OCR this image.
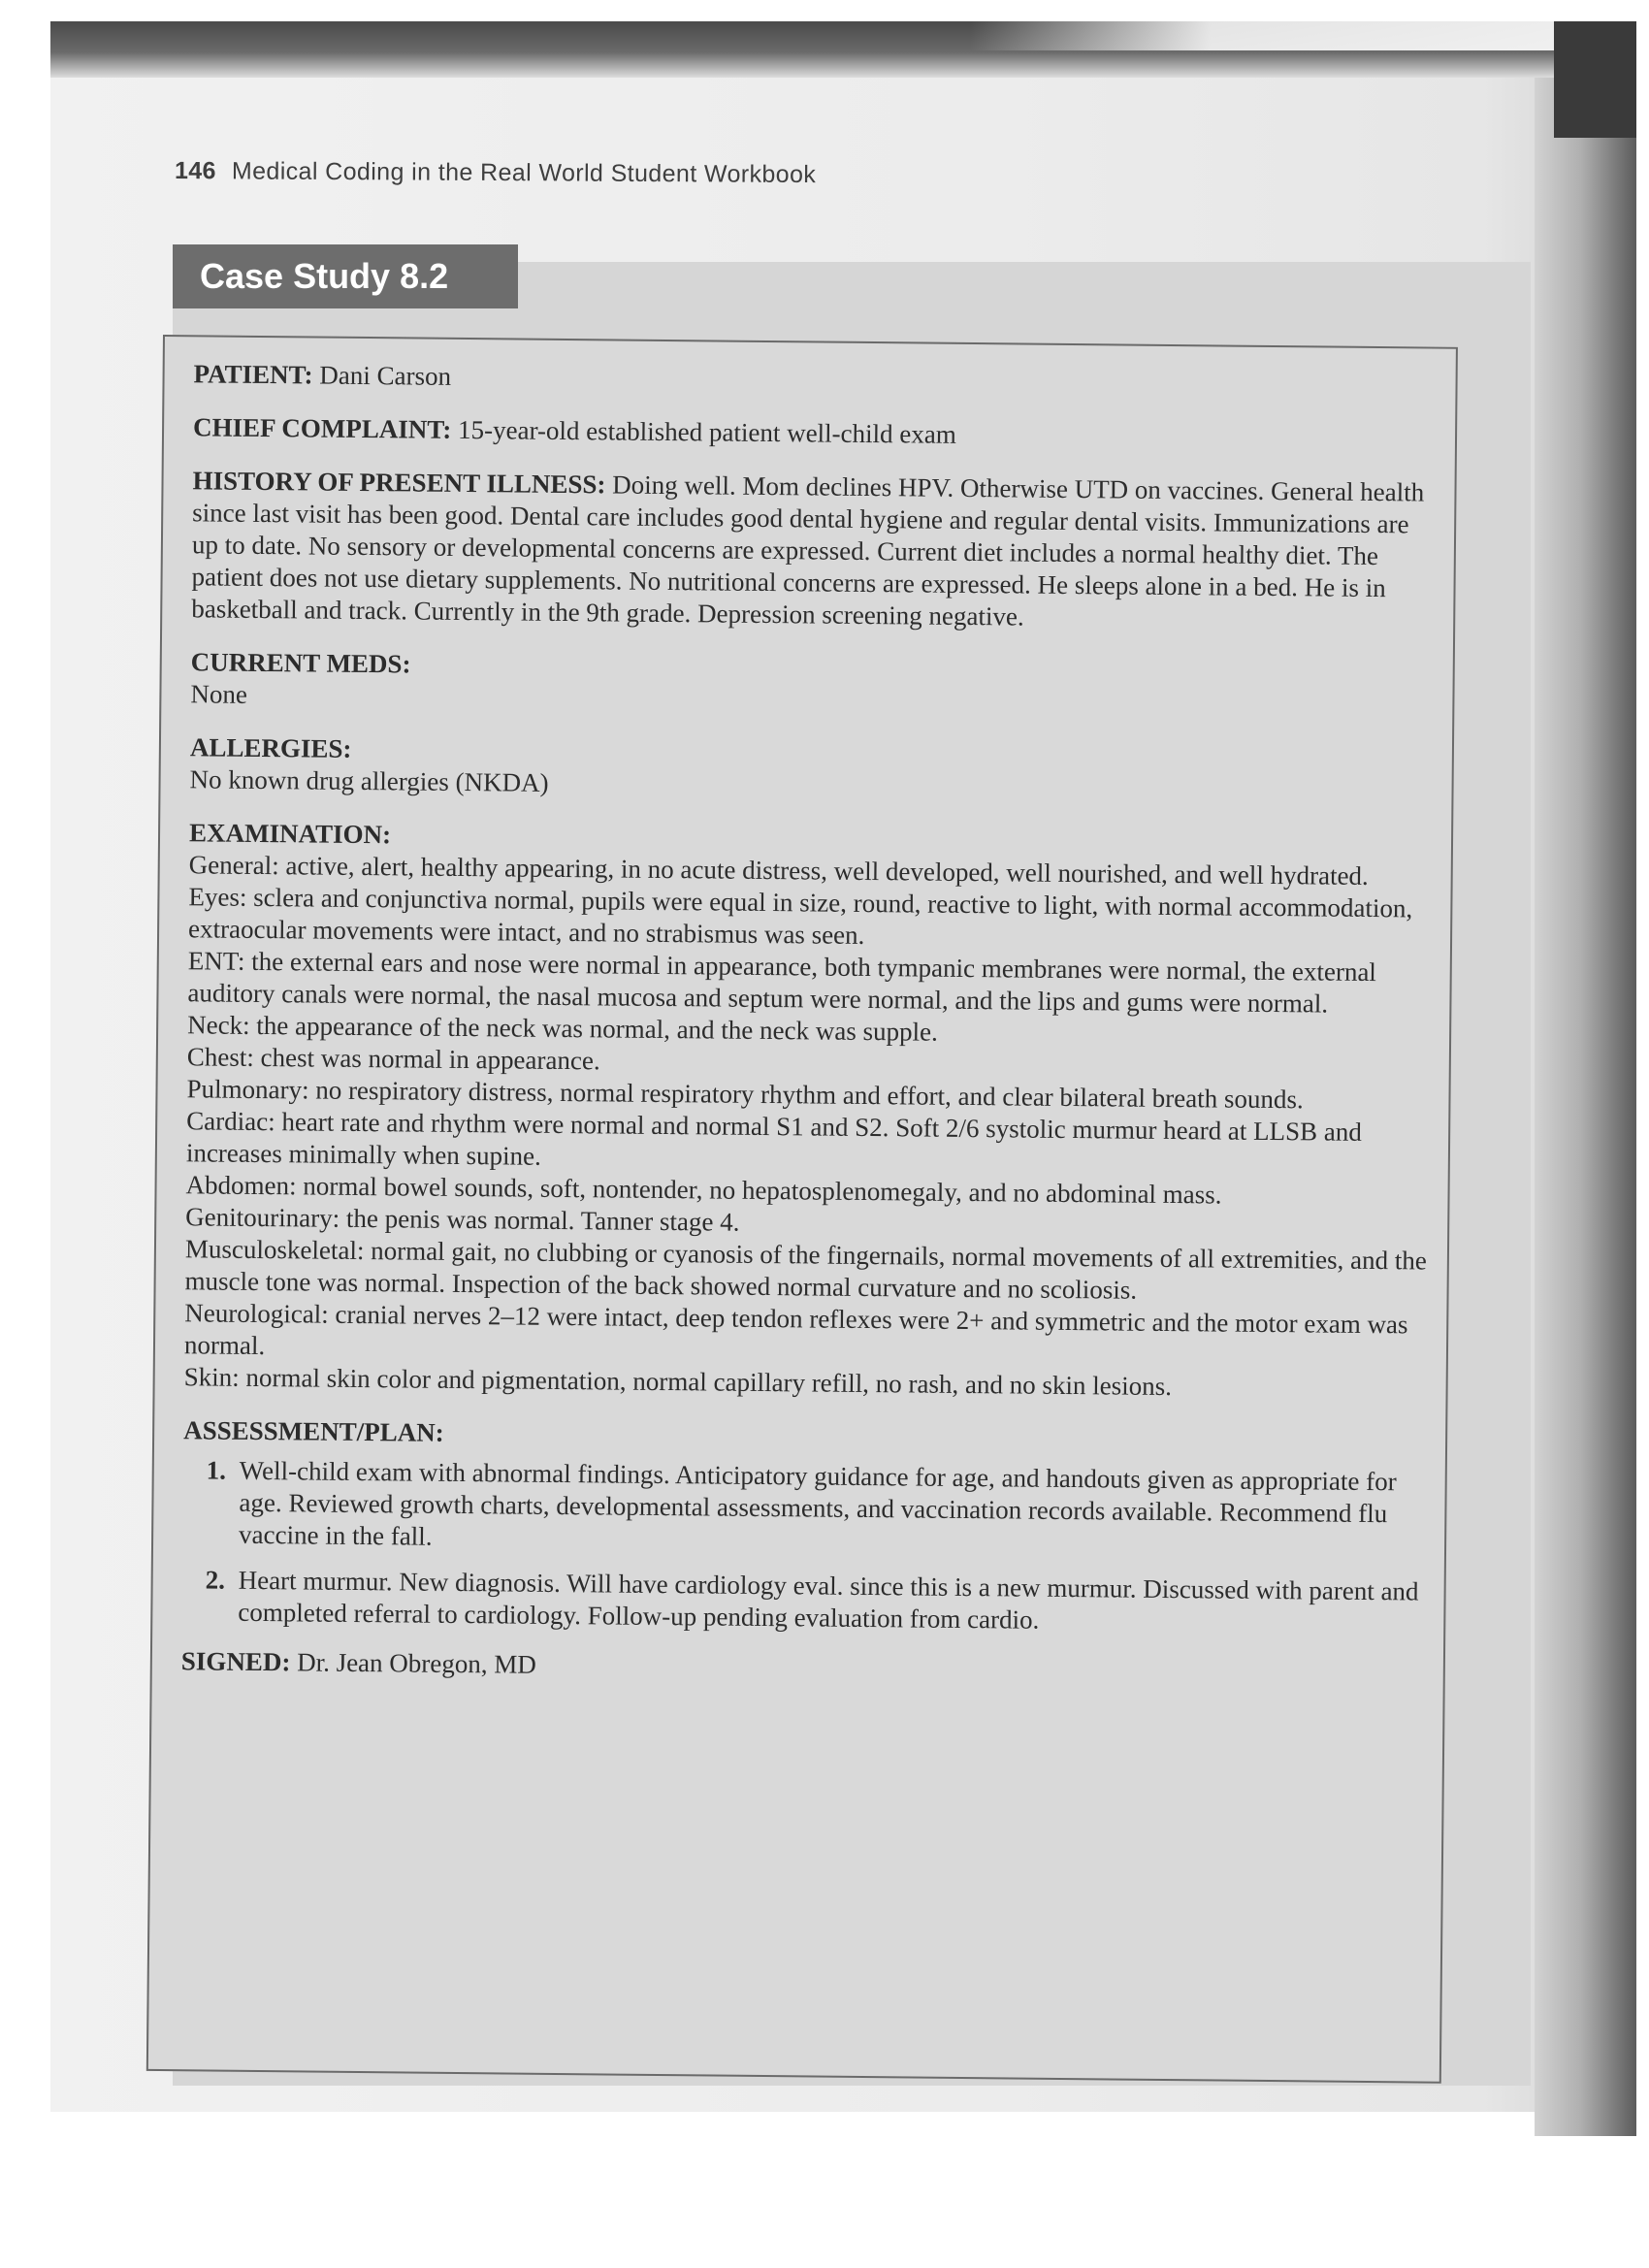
146 Medical Coding in the Real World Student Workbook
Case Study 8.2

PATIENT: Dani Carson

CHIEF COMPLAINT: 15-year-old established patient well-child exam

HISTORY OF PRESENT ILLNESS: Doing well. Mom declines HPV. Otherwise UTD on vaccines. General health since last visit has been good. Dental care includes good dental hygiene and regular dental visits. Immunizations are up to date. No sensory or developmental concerns are expressed. Current diet includes a normal healthy diet. The patient does not use dietary supplements. No nutritional concerns are expressed. He sleeps alone in a bed. He is in basketball and track. Currently in the 9th grade. Depression screening negative.

CURRENT MEDS:
None

ALLERGIES:
No known drug allergies (NKDA)

EXAMINATION:
General: active, alert, healthy appearing, in no acute distress, well developed, well nourished, and well hydrated.
Eyes: sclera and conjunctiva normal, pupils were equal in size, round, reactive to light, with normal accommodation, extraocular movements were intact, and no strabismus was seen.
ENT: the external ears and nose were normal in appearance, both tympanic membranes were normal, the external auditory canals were normal, the nasal mucosa and septum were normal, and the lips and gums were normal.
Neck: the appearance of the neck was normal, and the neck was supple.
Chest: chest was normal in appearance.
Pulmonary: no respiratory distress, normal respiratory rhythm and effort, and clear bilateral breath sounds.
Cardiac: heart rate and rhythm were normal and normal S1 and S2. Soft 2/6 systolic murmur heard at LLSB and increases minimally when supine.
Abdomen: normal bowel sounds, soft, nontender, no hepatosplenomegaly, and no abdominal mass.
Genitourinary: the penis was normal. Tanner stage 4.
Musculoskeletal: normal gait, no clubbing or cyanosis of the fingernails, normal movements of all extremities, and the muscle tone was normal. Inspection of the back showed normal curvature and no scoliosis.
Neurological: cranial nerves 2–12 were intact, deep tendon reflexes were 2+ and symmetric and the motor exam was normal.
Skin: normal skin color and pigmentation, normal capillary refill, no rash, and no skin lesions.
ASSESSMENT/PLAN:
1. Well-child exam with abnormal findings. Anticipatory guidance for age, and handouts given as appropriate for age. Reviewed growth charts, developmental assessments, and vaccination records available. Recommend flu vaccine in the fall.
2. Heart murmur. New diagnosis. Will have cardiology eval. since this is a new murmur. Discussed with parent and completed referral to cardiology. Follow-up pending evaluation from cardio.

SIGNED: Dr. Jean Obregon, MD
